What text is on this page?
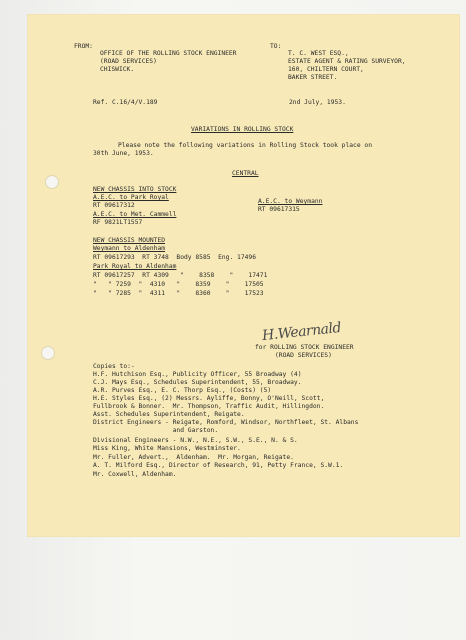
FROM:
OFFICE OF THE ROLLING STOCK ENGINEER
(ROAD SERVICES)
CHISWICK.
TO:
T. C. WEST ESQ.,
ESTATE AGENT & RATING SURVEYOR,
160, CHILTERN COURT,
BAKER STREET.
Ref. C.16/4/V.189	2nd July, 1953.
VARIATIONS IN ROLLING STOCK
Please note the following variations in Rolling Stock took place on
30th June, 1953.
CENTRAL
NEW CHASSIS INTO STOCK
A.E.C. to Park Royal
RT 09617312
A.E.C. to Met. Cammell
RF 9821LT1557
A.E.C. to Weymann
RT 09617315
NEW CHASSIS MOUNTED
Weymann to Aldenham
RT 09617293  RT 3748  Body 8585  Eng. 17496
Park Royal to Aldenham
RT 09617257  RT 4309   "    8358    "    17471
"   " 7259  "  4310   "    8359    "    17505
"   " 7285  "  4311   "    8360    "    17523
H.Wearnald
for ROLLING STOCK ENGINEER
(ROAD SERVICES)
Copies to:-
H.F. Hutchison Esq., Publicity Officer, 55 Broadway (4)
C.J. Mays Esq., Schedules Superintendent, 55, Broadway.
A.R. Purves Esq., E. C. Thorp Esq., (Costs) (5)
H.E. Styles Esq., (2) Messrs. Ayliffe, Bonny, O'Neill, Scott,
Fullbrook & Bonner.  Mr. Thompson, Traffic Audit, Hillingdon.
Asst. Schedules Superintendent, Reigate.
District Engineers - Reigate, Romford, Windsor, Northfleet, St. Albans
and Garston.
Divisional Engineers - N.W., N.E., S.W., S.E., N. & S.
Miss King, White Mansions, Westminster.
Mr. Fuller, Advert.,  Aldenham.  Mr. Morgan, Reigate.
A. T. Milford Esq., Director of Research, 91, Petty France, S.W.1.
Mr. Coxwell, Aldenham.
